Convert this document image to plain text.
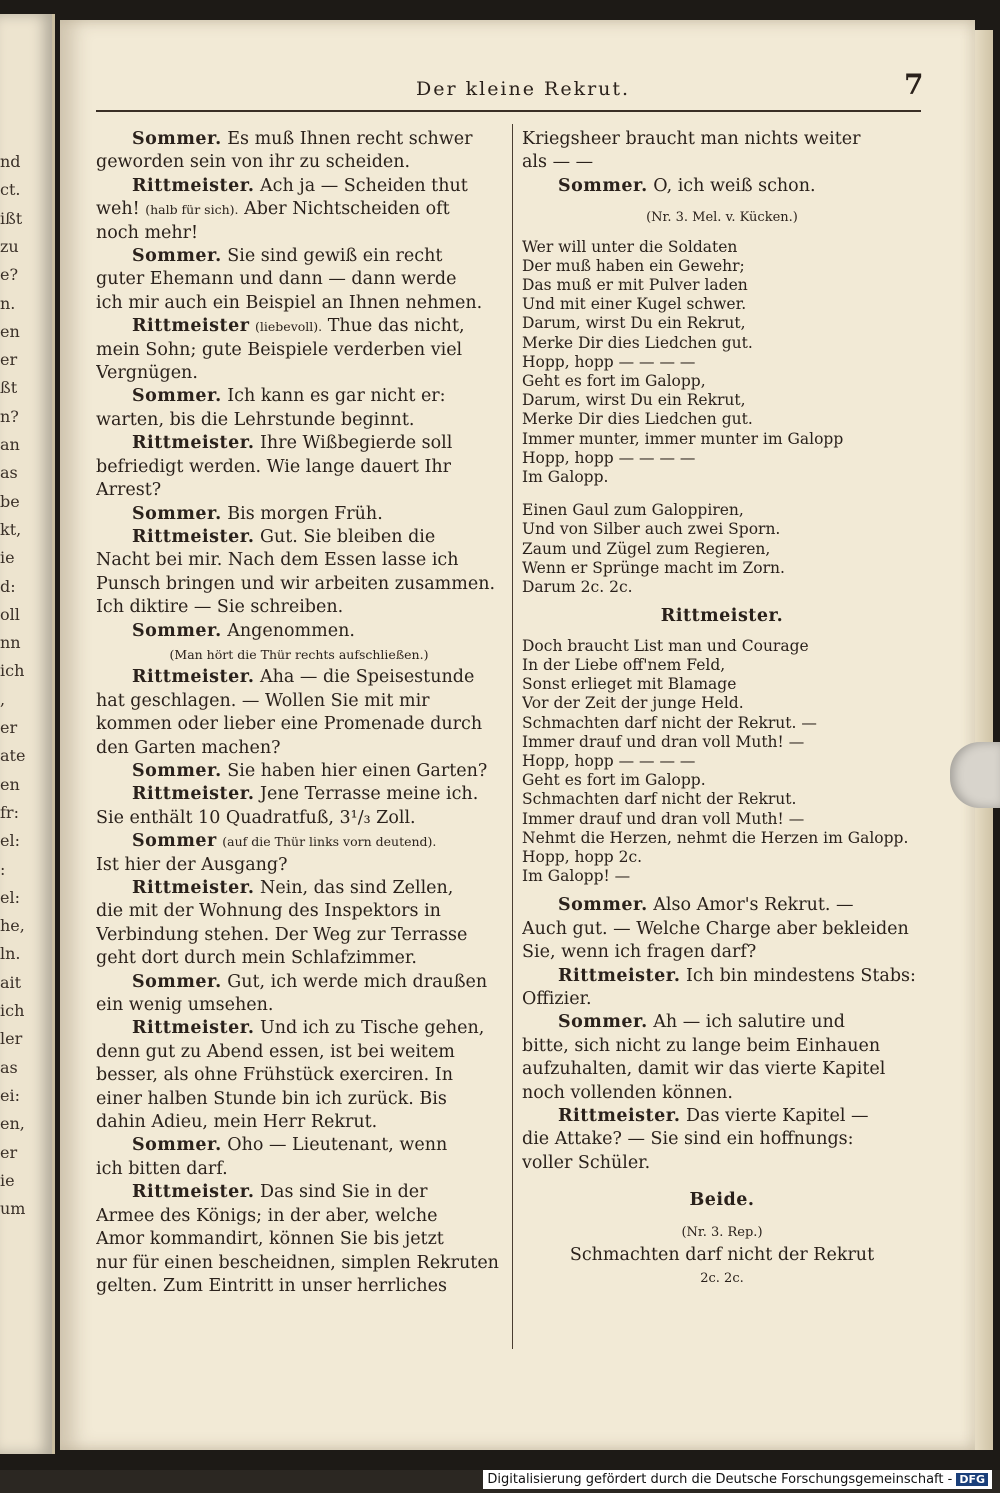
nd
ct.
ißt
zu
e?
n.
en
er
ßt
n?
an
as
be
kt,
ie
d:
oll
nn
ich
,
er
ate
en
fr:
el:
:
el:
he,
ln.
ait
ich
ler
as
ei:
en,
er
ie
um
Der kleine Rekrut.	7
Sommer. Es muß Ihnen recht schwer
geworden sein von ihr zu scheiden.
Rittmeister. Ach ja — Scheiden thut
weh! (halb für sich). Aber Nichtscheiden oft
noch mehr!
Sommer. Sie sind gewiß ein recht
guter Ehemann und dann — dann werde
ich mir auch ein Beispiel an Ihnen nehmen.
Rittmeister (liebevoll). Thue das nicht,
mein Sohn; gute Beispiele verderben viel
Vergnügen.
Sommer. Ich kann es gar nicht er:
warten, bis die Lehrstunde beginnt.
Rittmeister. Ihre Wißbegierde soll
befriedigt werden. Wie lange dauert Ihr
Arrest?
Sommer. Bis morgen Früh.
Rittmeister. Gut. Sie bleiben die
Nacht bei mir. Nach dem Essen lasse ich
Punsch bringen und wir arbeiten zusammen.
Ich diktire — Sie schreiben.
Sommer. Angenommen.
(Man hört die Thür rechts aufschließen.)
Rittmeister. Aha — die Speisestunde
hat geschlagen. — Wollen Sie mit mir
kommen oder lieber eine Promenade durch
den Garten machen?
Sommer. Sie haben hier einen Garten?
Rittmeister. Jene Terrasse meine ich.
Sie enthält 10 Quadratfuß, 3¹/₃ Zoll.
Sommer (auf die Thür links vorn deutend).
Ist hier der Ausgang?
Rittmeister. Nein, das sind Zellen,
die mit der Wohnung des Inspektors in
Verbindung stehen. Der Weg zur Terrasse
geht dort durch mein Schlafzimmer.
Sommer. Gut, ich werde mich draußen
ein wenig umsehen.
Rittmeister. Und ich zu Tische gehen,
denn gut zu Abend essen, ist bei weitem
besser, als ohne Frühstück exerciren. In
einer halben Stunde bin ich zurück. Bis
dahin Adieu, mein Herr Rekrut.
Sommer. Oho — Lieutenant, wenn
ich bitten darf.
Rittmeister. Das sind Sie in der
Armee des Königs; in der aber, welche
Amor kommandirt, können Sie bis jetzt
nur für einen bescheidnen, simplen Rekruten
gelten. Zum Eintritt in unser herrliches
Kriegsheer braucht man nichts weiter
als — —
Sommer. O, ich weiß schon.
(Nr. 3. Mel. v. Kücken.)
Wer will unter die Soldaten
Der muß haben ein Gewehr;
Das muß er mit Pulver laden
Und mit einer Kugel schwer.
Darum, wirst Du ein Rekrut,
Merke Dir dies Liedchen gut.
Hopp, hopp — — — —
Geht es fort im Galopp,
Darum, wirst Du ein Rekrut,
Merke Dir dies Liedchen gut.
Immer munter, immer munter im Galopp
Hopp, hopp — — — —
Im Galopp.
Einen Gaul zum Galoppiren,
Und von Silber auch zwei Sporn.
Zaum und Zügel zum Regieren,
Wenn er Sprünge macht im Zorn.
Darum 2c. 2c.
Rittmeister.
Doch braucht List man und Courage
In der Liebe off'nem Feld,
Sonst erlieget mit Blamage
Vor der Zeit der junge Held.
Schmachten darf nicht der Rekrut. —
Immer drauf und dran voll Muth! —
Hopp, hopp — — — —
Geht es fort im Galopp.
Schmachten darf nicht der Rekrut.
Immer drauf und dran voll Muth! —
Nehmt die Herzen, nehmt die Herzen im Galopp.
Hopp, hopp 2c.
Im Galopp! —
Sommer. Also Amor's Rekrut. —
Auch gut. — Welche Charge aber bekleiden
Sie, wenn ich fragen darf?
Rittmeister. Ich bin mindestens Stabs:
Offizier.
Sommer. Ah — ich salutire und
bitte, sich nicht zu lange beim Einhauen
aufzuhalten, damit wir das vierte Kapitel
noch vollenden können.
Rittmeister. Das vierte Kapitel —
die Attake? — Sie sind ein hoffnungs:
voller Schüler.
Beide.
(Nr. 3. Rep.)
Schmachten darf nicht der Rekrut
2c. 2c.
Digitalisierung gefördert durch die Deutsche Forschungsgemeinschaft - DFG
